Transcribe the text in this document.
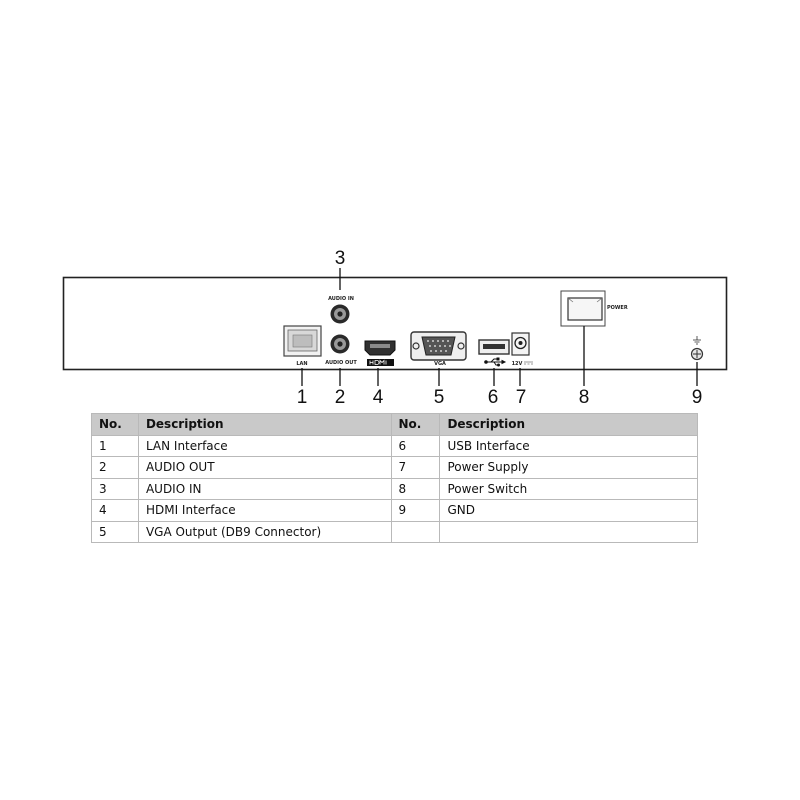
LAN
AUDIO IN
AUDIO OUT	VGA	12V
POWER
1 2
3
4	5 6 7	8	9
No.	Description	No.	Description
1	LAN Interface	6	USB Interface
2	AUDIO OUT	7	Power Supply
3	AUDIO IN	8	Power Switch
4	HDMI Interface	9	GND
5	VGA Output (DB9 Connector)		
